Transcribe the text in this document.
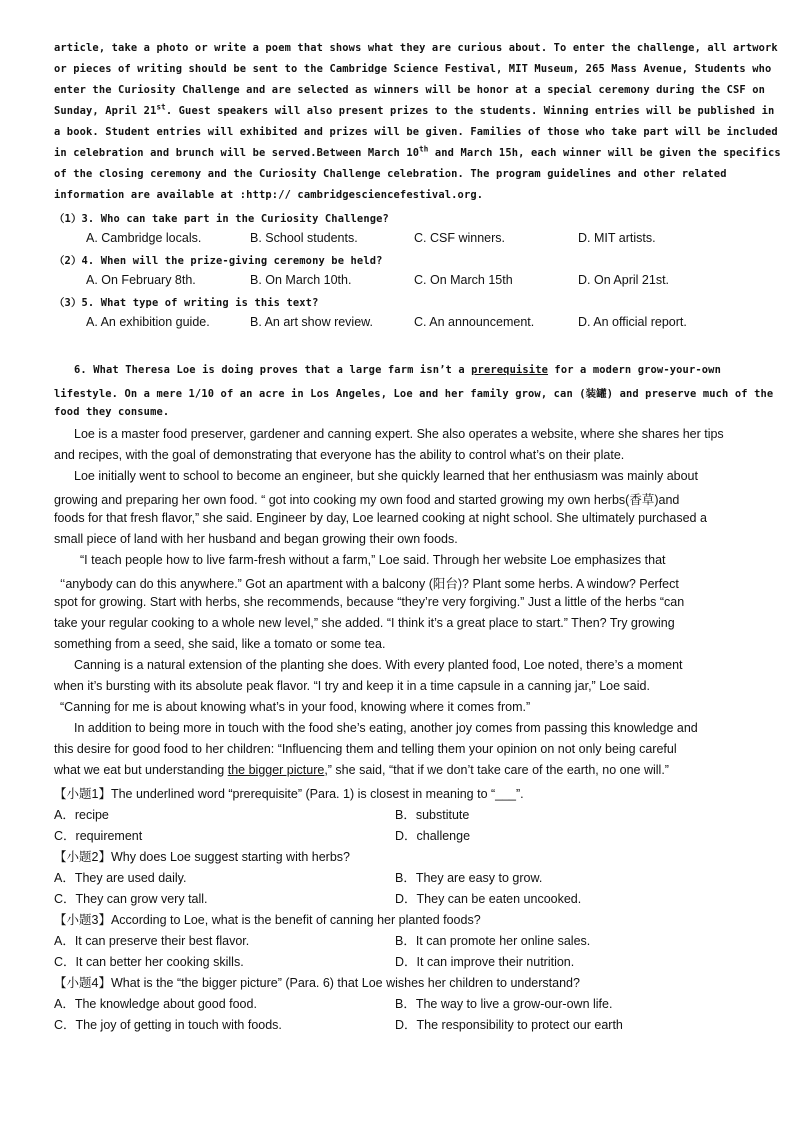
article, take a photo or write a poem that shows what they are curious about. To enter the challenge, all artwork
or pieces of writing should be sent to the Cambridge Science Festival, MIT Museum, 265 Mass Avenue, Students who
enter the Curiosity Challenge and are selected as winners will be honor at a special ceremony during the CSF on
Sunday, April 21st. Guest speakers will also present prizes to the students. Winning entries will be published in
a book. Student entries will exhibited and prizes will be given. Families of those who take part will be included
in celebration and brunch will be served.Between March 10th and March 15h, each winner will be given the specifics
of the closing ceremony and the Curiosity Challenge celebration. The program guidelines and other related
information are available at :http:// cambridgesciencefestival.org.
（1）3. Who can take part in the Curiosity Challenge?
（2）4. When will the prize-giving ceremony be held?
（3）5. What type of writing is this text?
A. Cambridge locals.	B. School students.	C. CSF winners.	D. MIT artists.
A. On February 8th.	B. On March 10th.	C. On March 15th	D. On April 21st.
A. An exhibition guide.	B. An art show review.	C. An announcement.	D. An official report.
6. What Theresa Loe is doing proves that a large farm isn’t a prerequisite for a modern grow-your-own
lifestyle. On a mere 1/10 of an acre in Los Angeles, Loe and her family grow, can (装罐) and preserve much of the
food they consume.
Loe is a master food preserver, gardener and canning expert. She also operates a website, where she shares her tips
and recipes, with the goal of demonstrating that everyone has the ability to control what’s on their plate.
Loe initially went to school to become an engineer, but she quickly learned that her enthusiasm was mainly about
growing and preparing her own food. “ got into cooking my own food and started growing my own herbs(香草)and
foods for that fresh flavor,” she said. Engineer by day, Loe learned cooking at night school. She ultimately purchased a
small piece of land with her husband and began growing their own foods.
“I teach people how to live farm-fresh without a farm,” Loe said. Through her website Loe emphasizes that
‘‘anybody can do this anywhere.” Got an apartment with a balcony (阳台)? Plant some herbs. A window? Perfect
spot for growing. Start with herbs, she recommends, because “they’re very forgiving.” Just a little of the herbs “can
take your regular cooking to a whole new level,” she added. “I think it’s a great place to start.” Then? Try growing
something from a seed, she said, like a tomato or some tea.
Canning is a natural extension of the planting she does. With every planted food, Loe noted, there’s a moment
when it’s bursting with its absolute peak flavor. “I try and keep it in a time capsule in a canning jar,” Loe said.
“Canning for me is about knowing what’s in your food, knowing where it comes from.”
In addition to being more in touch with the food she’s eating, another joy comes from passing this knowledge and
this desire for good food to her children: “Influencing them and telling them your opinion on not only being careful
what we eat but understanding the bigger picture,” she said, “that if we don’t take care of the earth, no one will.”
【小题1】The underlined word “prerequisite” (Para. 1) is closest in meaning to “___”.
A．recipe	B．substitute
C．requirement	D．challenge
【小题2】Why does Loe suggest starting with herbs?
A．They are used daily.	B．They are easy to grow.
C．They can grow very tall.	D．They can be eaten uncooked.
【小题3】According to Loe, what is the benefit of canning her planted foods?
A．It can preserve their best flavor.	B．It can promote her online sales.
C．It can better her cooking skills.	D．It can improve their nutrition.
【小题4】What is the “the bigger picture” (Para. 6) that Loe wishes her children to understand?
A．The knowledge about good food.	B．The way to live a grow-our-own life.
C．The joy of getting in touch with foods.	D．The responsibility to protect our earth
